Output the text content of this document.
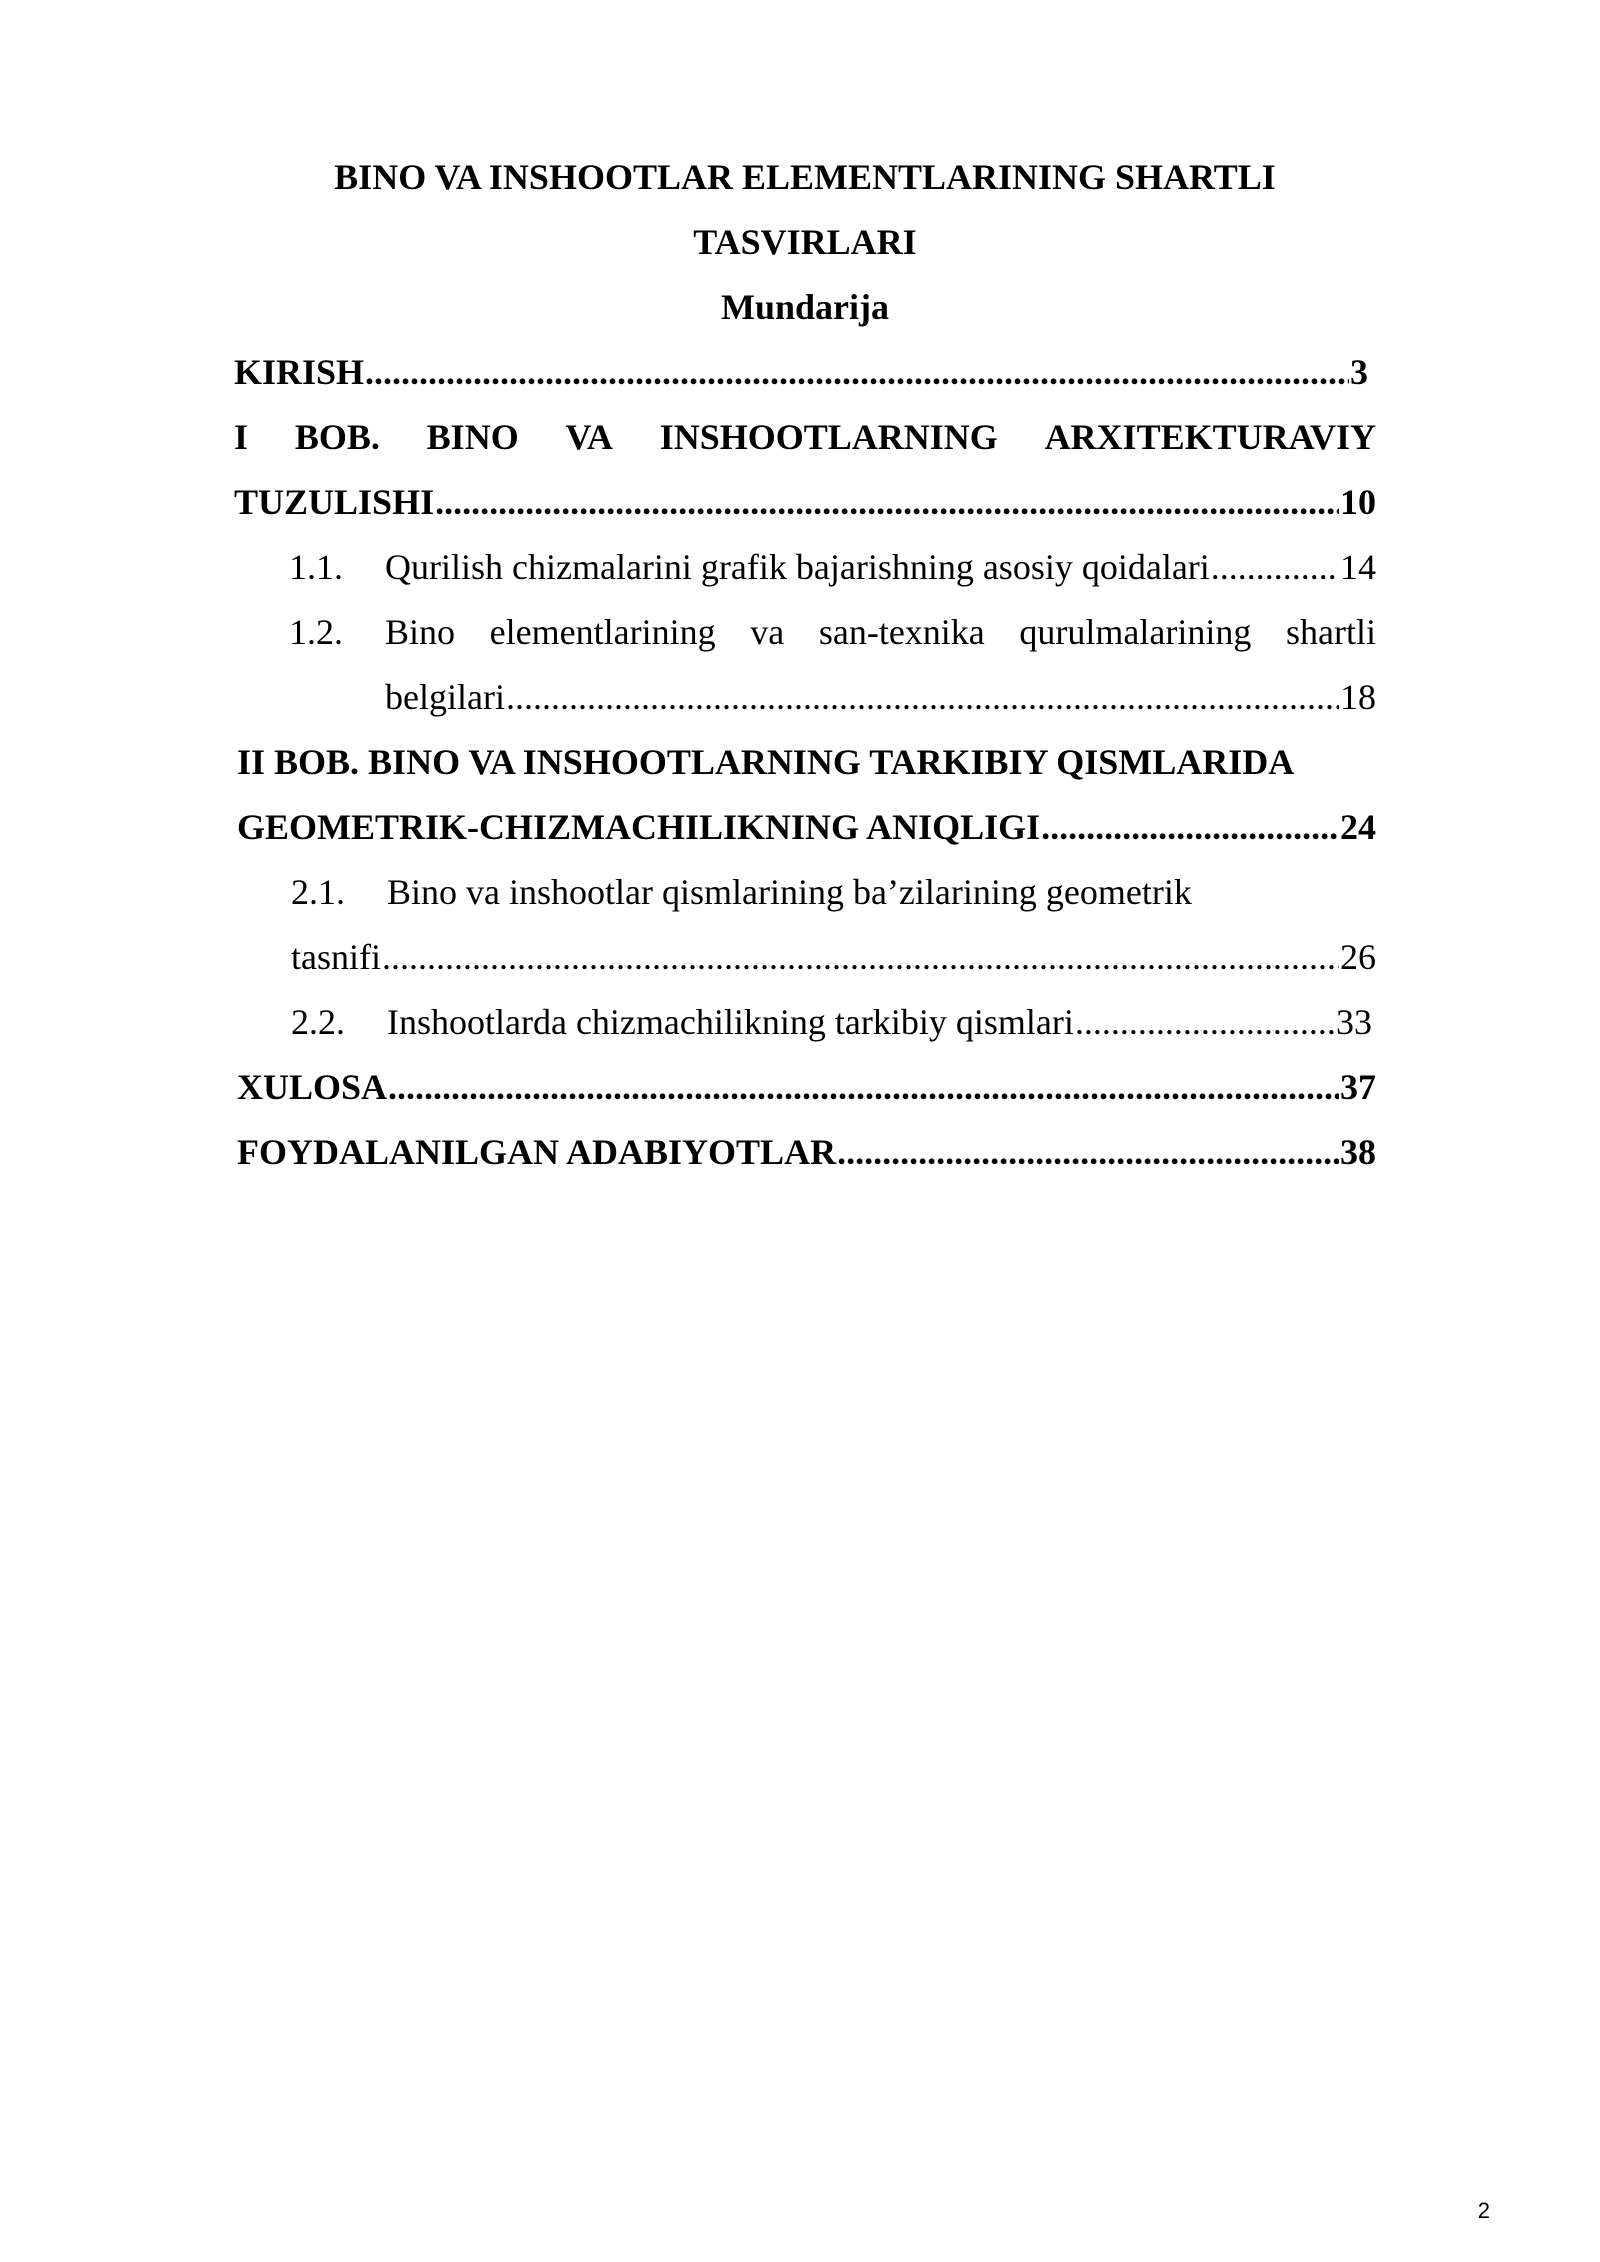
BINO VA INSHOOTLAR ELEMENTLARINING SHARTLI
TASVIRLARI
Mundarija
KIRISH .....	3
I BOB. BINO VA INSHOOTLARNING ARXITEKTURAVIY
TUZULISHI .....	10
1.1.	Qurilish chizmalarini grafik bajarishning asosiy qoidalari .....	14
1.2.	Bino elementlarining va san-texnika qurulmalarining shartli
belgilari .....	18
II BOB. BINO VA INSHOOTLARNING TARKIBIY QISMLARIDA
GEOMETRIK-CHIZMACHILIKNING ANIQLIGI .....	24
2.1.	Bino va inshootlar qismlarining ba’zilarining geometrik
tasnifi .....	26
2.2.	Inshootlarda chizmachilikning tarkibiy qismlari .....	33
XULOSA .....	37
FOYDALANILGAN ADABIYOTLAR .....	38
2
